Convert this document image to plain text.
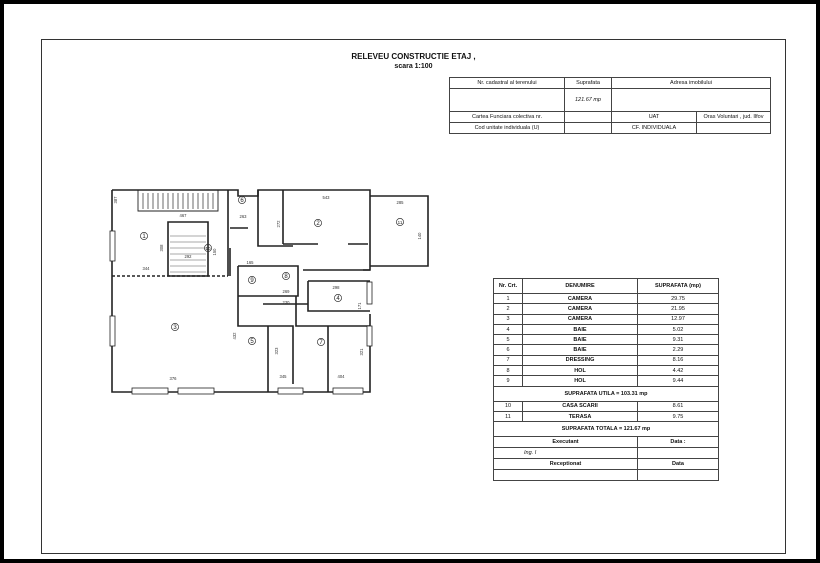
RELEVEU CONSTRUCTIE ETAJ ,
scara 1:100
Nr. cadastral al terenului	Suprafata	Adresa imobilului	
	121.67 mp		
Cartea Funciara colectiva nr.		UAT	Oras Voluntari , jud. Ilfov
Cod unitate individuala (U)		CF. INDIVIDUALA	
Nr. Crt.	DENUMIRE	SUPRAFATA (mp)
1	CAMERA	29.75
2	CAMERA	21.95
3	CAMERA	12.97
4	BAIE	5.02
5	BAIE	9.31
6	BAIE	2.29
7	DRESSING	8.16
8	HOL	4.42
9	HOL	9.44
SUPRAFATA UTILA = 103.31 mp		
10	CASA SCARII	8.61
11	TERASA	9.75
SUPRAFATA TOTALA = 121.67 mp		
Executant		Data :
Ing. I		
Receptionat		Data

1
2
3
4
5
6
7
8
9
10
11
543
285
467	263
387
272
140
308
344
292
150
165
269
230
298
171
432
376	345	404
323	321
